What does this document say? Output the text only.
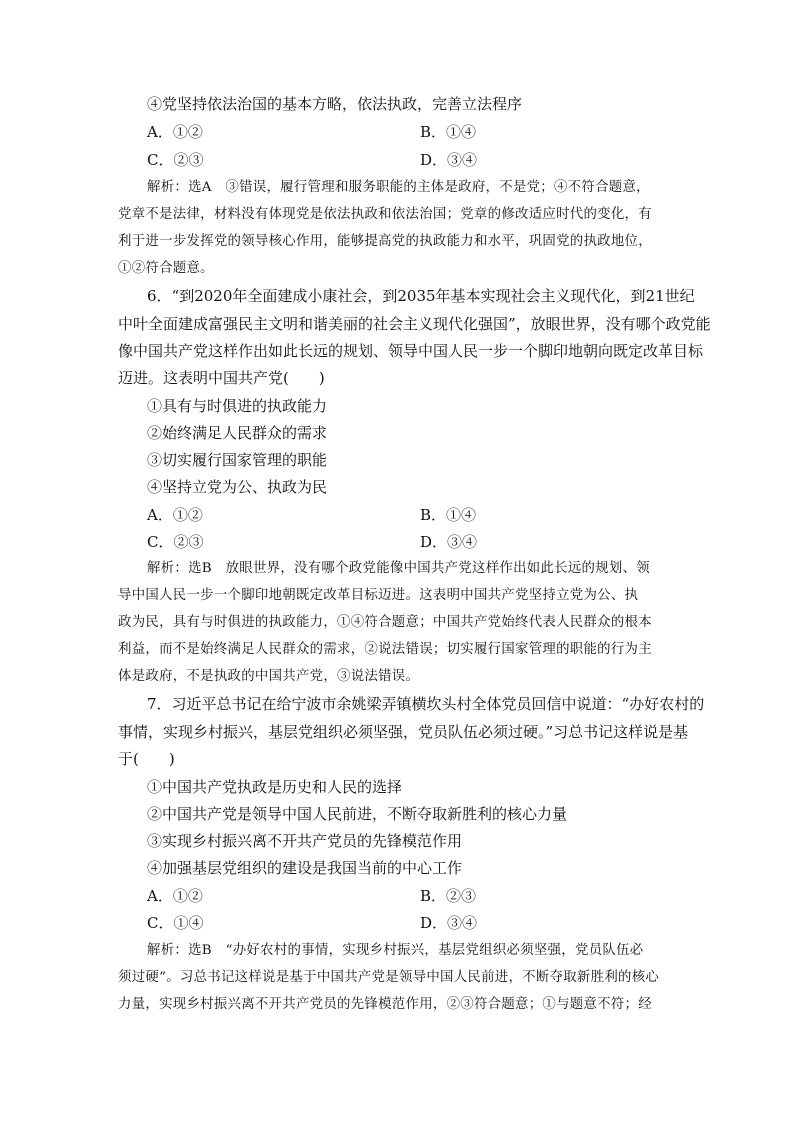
④党坚持依法治国的基本方略，依法执政，完善立法程序
A．①②	B．①④
C．②③	D．③④
解析：选A　③错误，履行管理和服务职能的主体是政府，不是党；④不符合题意，
党章不是法律，材料没有体现党是依法执政和依法治国；党章的修改适应时代的变化，有
利于进一步发挥党的领导核心作用，能够提高党的执政能力和水平，巩固党的执政地位，
①②符合题意。
6．“到2020年全面建成小康社会，到2035年基本实现社会主义现代化，到21世纪
中叶全面建成富强民主文明和谐美丽的社会主义现代化强国”，放眼世界，没有哪个政党能
像中国共产党这样作出如此长远的规划、领导中国人民一步一个脚印地朝向既定改革目标
迈进。这表明中国共产党(　　)
①具有与时俱进的执政能力
②始终满足人民群众的需求
③切实履行国家管理的职能
④坚持立党为公、执政为民
A．①②	B．①④
C．②③	D．③④
解析：选B　放眼世界，没有哪个政党能像中国共产党这样作出如此长远的规划、领
导中国人民一步一个脚印地朝既定改革目标迈进。这表明中国共产党坚持立党为公、执
政为民，具有与时俱进的执政能力，①④符合题意；中国共产党始终代表人民群众的根本
利益，而不是始终满足人民群众的需求，②说法错误；切实履行国家管理的职能的行为主
体是政府，不是执政的中国共产党，③说法错误。
7．习近平总书记在给宁波市余姚梁弄镇横坎头村全体党员回信中说道：“办好农村的
事情，实现乡村振兴，基层党组织必须坚强，党员队伍必须过硬。”习总书记这样说是基
于(　　)
①中国共产党执政是历史和人民的选择
②中国共产党是领导中国人民前进，不断夺取新胜利的核心力量
③实现乡村振兴离不开共产党员的先锋模范作用
④加强基层党组织的建设是我国当前的中心工作
A．①②	B．②③
C．①④	D．③④
解析：选B　“办好农村的事情，实现乡村振兴，基层党组织必须坚强，党员队伍必
须过硬”。习总书记这样说是基于中国共产党是领导中国人民前进，不断夺取新胜利的核心
力量，实现乡村振兴离不开共产党员的先锋模范作用，②③符合题意；①与题意不符；经
